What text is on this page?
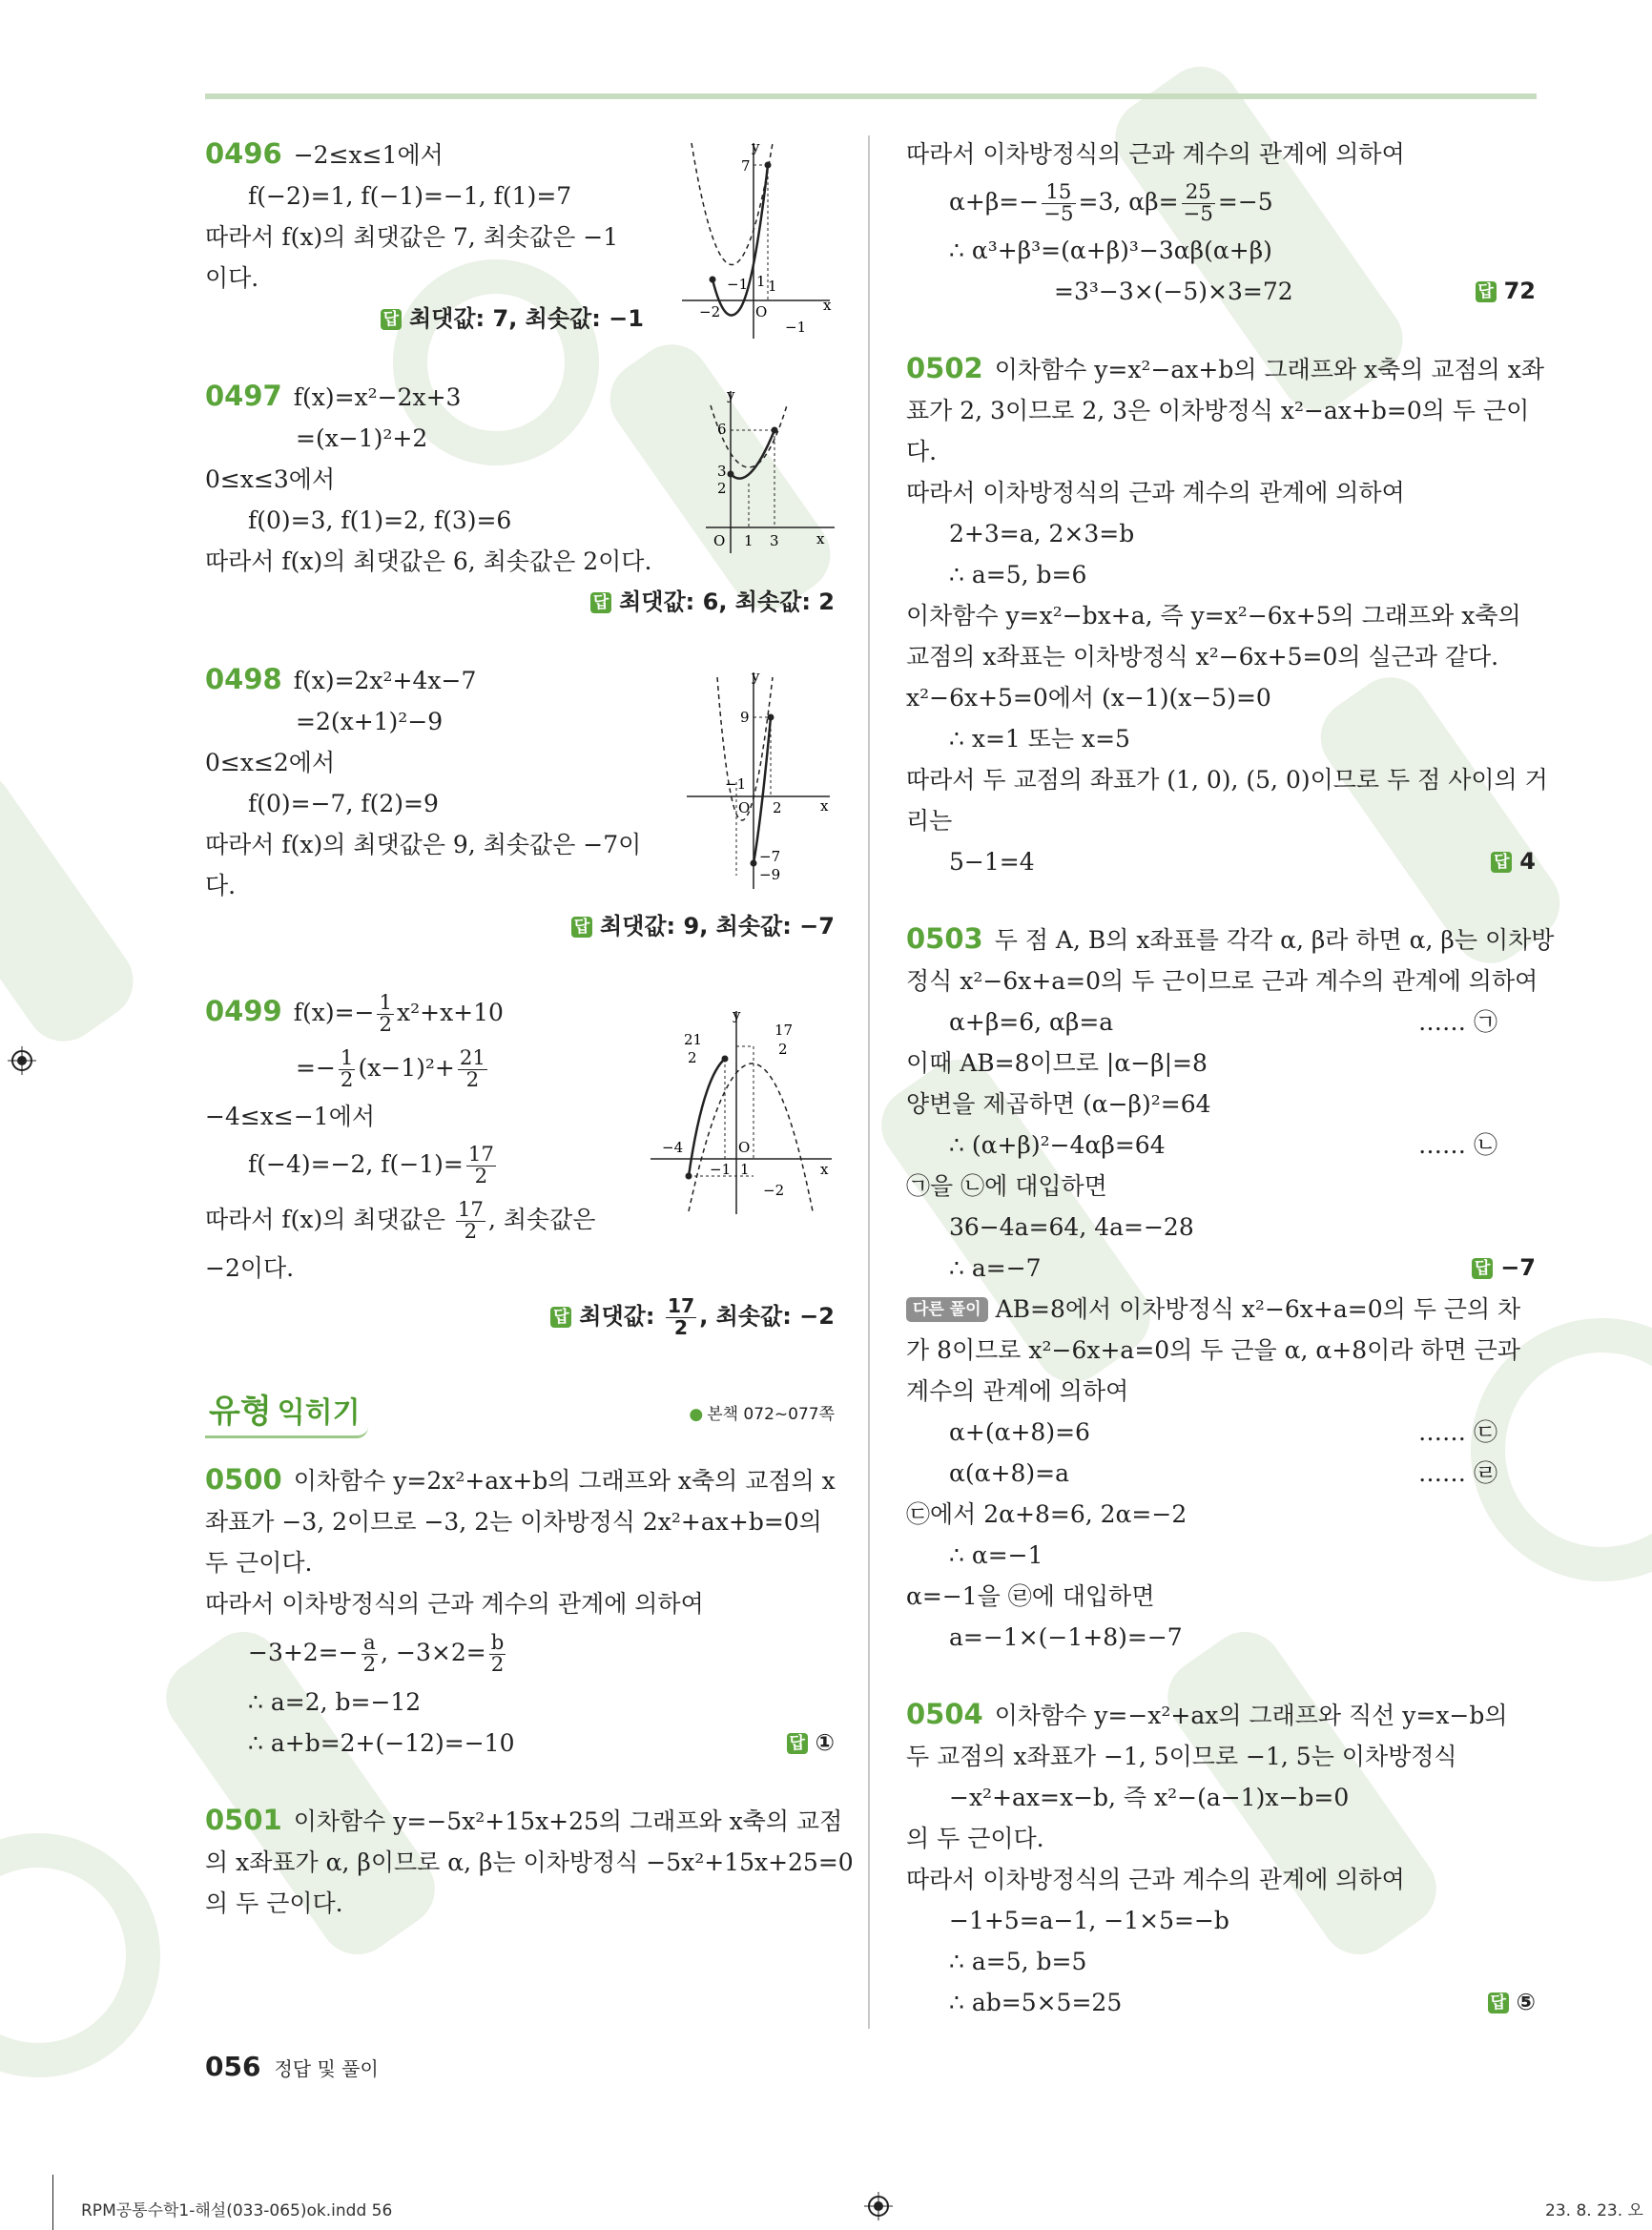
0496 −2≤x≤1에서
f(−2)=1, f(−1)=−1, f(1)=7
따라서 f(x)의 최댓값은 7, 최솟값은 −1
이다.
답 최댓값: 7, 최솟값: −1
0497 f(x)=x²−2x+3
=(x−1)²+2
0≤x≤3에서
f(0)=3, f(1)=2, f(3)=6
따라서 f(x)의 최댓값은 6, 최솟값은 2이다.
답 최댓값: 6, 최솟값: 2
0498 f(x)=2x²+4x−7
=2(x+1)²−9
0≤x≤2에서
f(0)=−7, f(2)=9
따라서 f(x)의 최댓값은 9, 최솟값은 −7이
다.
답 최댓값: 9, 최솟값: −7
0499 $f(x)=- \frac{1}{2} x^2+x+10$
=− $\frac{1}{2} (x-1)^2+ \frac{21}{2}$
−4≤x≤−1에서
f(−4)=−2, $f(-1)= \frac{17}{2}$
따라서 f(x)의 최댓값은 $\frac{17}{2}$ , 최솟값은
−2이다.
답 최댓값: $\frac{17}{2}$ , 최솟값: −2
유형 익히기	● 본책 072~077쪽
0500 이차함수 y=2x²+ax+b의 그래프와 x축의 교점의 x
좌표가 −3, 2이므로 −3, 2는 이차방정식 2x²+ax+b=0의
두 근이다.
따라서 이차방정식의 근과 계수의 관계에 의하여
$-3+2=- \frac{a}{2}$ , $-3\times 2= \frac{b}{2}$
∴ a=2, b=−12
∴ a+b=2+(−12)=−10	답 ①
0501 이차함수 y=−5x²+15x+25의 그래프와 x축의 교점
의 x좌표가 α, β이므로 α, β는 이차방정식 −5x²+15x+25=0
의 두 근이다.
따라서 이차방정식의 근과 계수의 관계에 의하여
$\alpha+\beta=- \frac{15}{-5} =3$, $\alpha\beta= \frac{25}{-5} =-5$
∴ α³+β³=(α+β)³−3αβ(α+β)
=3³−3×(−5)×3=72	답 72
0502 이차함수 y=x²−ax+b의 그래프와 x축의 교점의 x좌
표가 2, 3이므로 2, 3은 이차방정식 x²−ax+b=0의 두 근이
다.
따라서 이차방정식의 근과 계수의 관계에 의하여
2+3=a, 2×3=b
∴ a=5, b=6
이차함수 y=x²−bx+a, 즉 y=x²−6x+5의 그래프와 x축의
교점의 x좌표는 이차방정식 x²−6x+5=0의 실근과 같다.
x²−6x+5=0에서 (x−1)(x−5)=0
∴ x=1 또는 x=5
따라서 두 교점의 좌표가 (1, 0), (5, 0)이므로 두 점 사이의 거
리는
5−1=4	답 4
0503 두 점 A, B의 x좌표를 각각 α, β라 하면 α, β는 이차방
정식 x²−6x+a=0의 두 근이므로 근과 계수의 관계에 의하여
α+β=6, αβ=a	…… ㉠
이때 AB=8이므로 |α−β|=8
양변을 제곱하면 (α−β)²=64
∴ (α+β)²−4αβ=64	…… ㉡
㉠을 ㉡에 대입하면
36−4a=64, 4a=−28
∴ a=−7	답 −7
다른 풀이 AB=8에서 이차방정식 x²−6x+a=0의 두 근의 차
가 8이므로 x²−6x+a=0의 두 근을 α, α+8이라 하면 근과
계수의 관계에 의하여
α+(α+8)=6	…… ㉢
α(α+8)=a	…… ㉣
㉢에서 2α+8=6, 2α=−2
∴ α=−1
α=−1을 ㉣에 대입하면
a=−1×(−1+8)=−7
0504 이차함수 y=−x²+ax의 그래프와 직선 y=x−b의
두 교점의 x좌표가 −1, 5이므로 −1, 5는 이차방정식
−x²+ax=x−b, 즉 x²−(a−1)x−b=0
의 두 근이다.
따라서 이차방정식의 근과 계수의 관계에 의하여
−1+5=a−1, −1×5=−b
∴ a=5, b=5
∴ ab=5×5=25	답 ⑤
y
x
7
−1 1 1
−2 O
−1
y
x
6
3
2
O 1 3
y
x
9
−1
O 2
−7
−9
y
x
21
2
17
2
−4	O
−1 1
−2
056 정답 및 풀이
RPM공통수학1-해설(033-065)ok.indd 56	23. 8. 23. 오
